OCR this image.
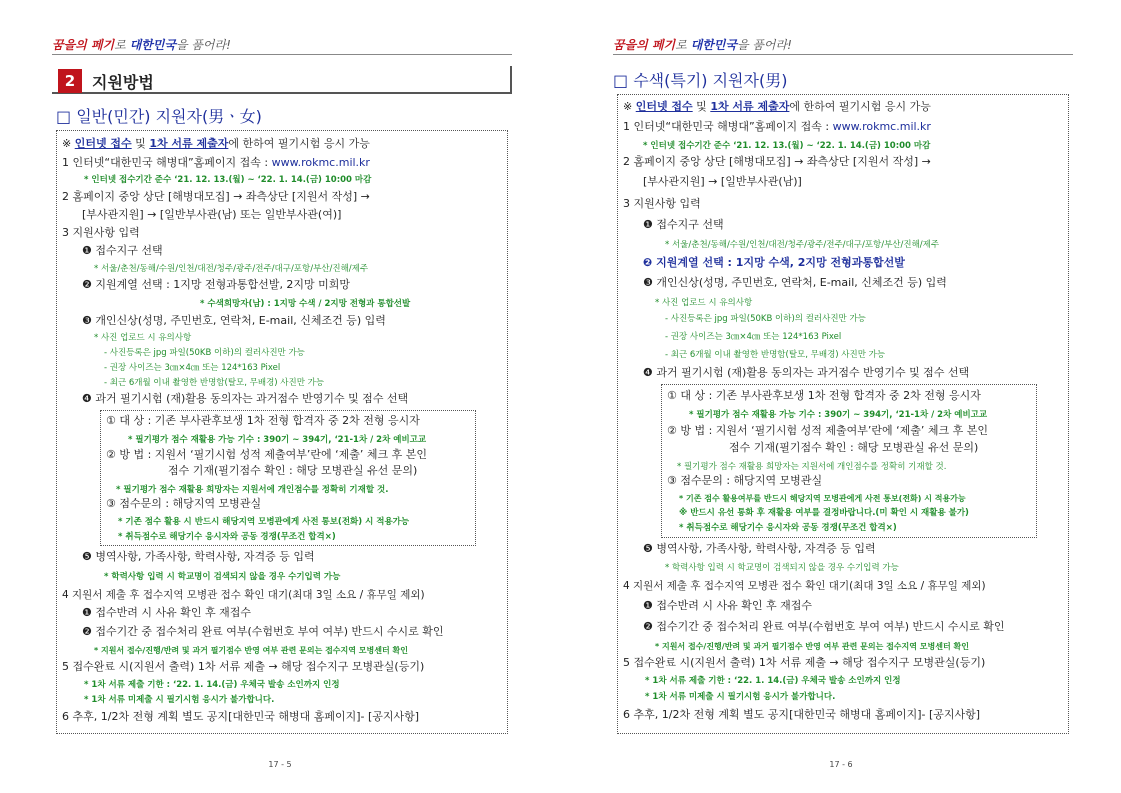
꿈을의 페기로 대한민국을 품어라!
2	지원방법
□ 일반(민간) 지원자(男ㆍ女)
※ 인터넷 접수 및 1차 서류 제출자에 한하여 필기시험 응시 가능
1 인터넷“대한민국 해병대”홈페이지 접속 : www.rokmc.mil.kr
* 인터넷 접수기간 준수 ‘21. 12. 13.(월) ~ ‘22. 1. 14.(금) 10:00 마감
2 홈페이지 중앙 상단 [해병대모집] → 좌측상단 [지원서 작성] →
[부사관지원] → [일반부사관(남) 또는 일반부사관(여)]
3 지원사항 입력
❶ 접수지구 선택
* 서울/춘천/동해/수원/인천/대전/청주/광주/전주/대구/포항/부산/진해/제주
❷ 지원계열 선택 : 1지망 전형과통합선발, 2지망 미희망
* 수색희망자(남) : 1지망 수색 / 2지망 전형과 통합선발
❸ 개인신상(성명, 주민번호, 연락처, E-mail, 신체조건 등) 입력
* 사진 업로드 시 유의사항
- 사진등록은 jpg 파일(50KB 이하)의 컬러사진만 가능
- 권장 사이즈는 3㎝×4㎝ 또는 124*163 Pixel
- 최근 6개월 이내 촬영한 반명함(탈모, 무배경) 사진만 가능
❹ 과거 필기시험 (재)활용 동의자는 과거점수 반영기수 및 점수 선택
① 대 상 : 기존 부사관후보생 1차 전형 합격자 중 2차 전형 응시자
* 필기평가 점수 재활용 가능 기수 : 390기 ~ 394기, ‘21-1차 / 2차 예비고교
② 방 법 : 지원서 ‘필기시험 성적 제출여부’란에 ‘제출’ 체크 후 본인
점수 기재(필기점수 확인 : 해당 모병관실 유선 문의)
* 필기평가 점수 재활용 희망자는 지원서에 개인점수를 정확히 기재할 것.
③ 점수문의 : 해당지역 모병관실
* 기존 점수 활용 시 반드시 해당지역 모병관에게 사전 통보(전화) 시 적용가능
* 취득점수로 해당기수 응시자와 공동 경쟁(무조건 합격×)
❺ 병역사항, 가족사항, 학력사항, 자격증 등 입력
* 학력사항 입력 시 학교명이 검색되지 않을 경우 수기입력 가능
4 지원서 제출 후 접수지역 모병관 접수 확인 대기(최대 3일 소요 / 휴무일 제외)
❶ 접수반려 시 사유 확인 후 재접수
❷ 접수기간 중 접수처리 완료 여부(수험번호 부여 여부) 반드시 수시로 확인
* 지원서 접수/진행/반려 및 과거 필기점수 반영 여부 관련 문의는 접수지역 모병센터 확인
5 접수완료 시(지원서 출력) 1차 서류 제출 → 해당 접수지구 모병관실(등기)
* 1차 서류 제출 기한 : ‘22. 1. 14.(금) 우체국 발송 소인까지 인정
* 1차 서류 미제출 시 필기시험 응시가 불가합니다.
6 추후, 1/2차 전형 계획 별도 공지[대한민국 해병대 홈페이지]- [공지사항]
17 - 5
꿈을의 페기로 대한민국을 품어라!
□ 수색(특기) 지원자(男)
※ 인터넷 접수 및 1차 서류 제출자에 한하여 필기시험 응시 가능
1 인터넷“대한민국 해병대”홈페이지 접속 : www.rokmc.mil.kr
* 인터넷 접수기간 준수 ‘21. 12. 13.(월) ~ ‘22. 1. 14.(금) 10:00 마감
2 홈페이지 중앙 상단 [해병대모집] → 좌측상단 [지원서 작성] →
[부사관지원] → [일반부사관(남)]
3 지원사항 입력
❶ 접수지구 선택
* 서울/춘천/동해/수원/인천/대전/청주/광주/전주/대구/포항/부산/진해/제주
❷ 지원계열 선택 : 1지망 수색, 2지망 전형과통합선발
❸ 개인신상(성명, 주민번호, 연락처, E-mail, 신체조건 등) 입력
* 사진 업로드 시 유의사항
- 사진등록은 jpg 파일(50KB 이하)의 컬러사진만 가능
- 권장 사이즈는 3㎝×4㎝ 또는 124*163 Pixel
- 최근 6개월 이내 촬영한 반명함(탈모, 무배경) 사진만 가능
❹ 과거 필기시험 (재)활용 동의자는 과거점수 반영기수 및 점수 선택
① 대 상 : 기존 부사관후보생 1차 전형 합격자 중 2차 전형 응시자
* 필기평가 점수 재활용 가능 기수 : 390기 ~ 394기, ‘21-1차 / 2차 예비고교
② 방 법 : 지원서 ‘필기시험 성적 제출여부’란에 ‘제출’ 체크 후 본인
점수 기재(필기점수 확인 : 해당 모병관실 유선 문의)
* 필기평가 점수 재활용 희망자는 지원서에 개인점수를 정확히 기재할 것.
③ 점수문의 : 해당지역 모병관실
* 기존 점수 활용여부를 반드시 해당지역 모병관에게 사전 통보(전화) 시 적용가능
※ 반드시 유선 통화 후 재활용 여부를 결정바랍니다.(미 확인 시 재활용 불가)
* 취득점수로 해당기수 응시자와 공동 경쟁(무조건 합격×)
❺ 병역사항, 가족사항, 학력사항, 자격증 등 입력
* 학력사항 입력 시 학교명이 검색되지 않을 경우 수기입력 가능
4 지원서 제출 후 접수지역 모병관 접수 확인 대기(최대 3일 소요 / 휴무일 제외)
❶ 접수반려 시 사유 확인 후 재접수
❷ 접수기간 중 접수처리 완료 여부(수험번호 부여 여부) 반드시 수시로 확인
* 지원서 접수/진행/반려 및 과거 필기점수 반영 여부 관련 문의는 접수지역 모병센터 확인
5 접수완료 시(지원서 출력) 1차 서류 제출 → 해당 접수지구 모병관실(등기)
* 1차 서류 제출 기한 : ‘22. 1. 14.(금) 우체국 발송 소인까지 인정
* 1차 서류 미제출 시 필기시험 응시가 불가합니다.
6 추후, 1/2차 전형 계획 별도 공지[대한민국 해병대 홈페이지]- [공지사항]
17 - 6
